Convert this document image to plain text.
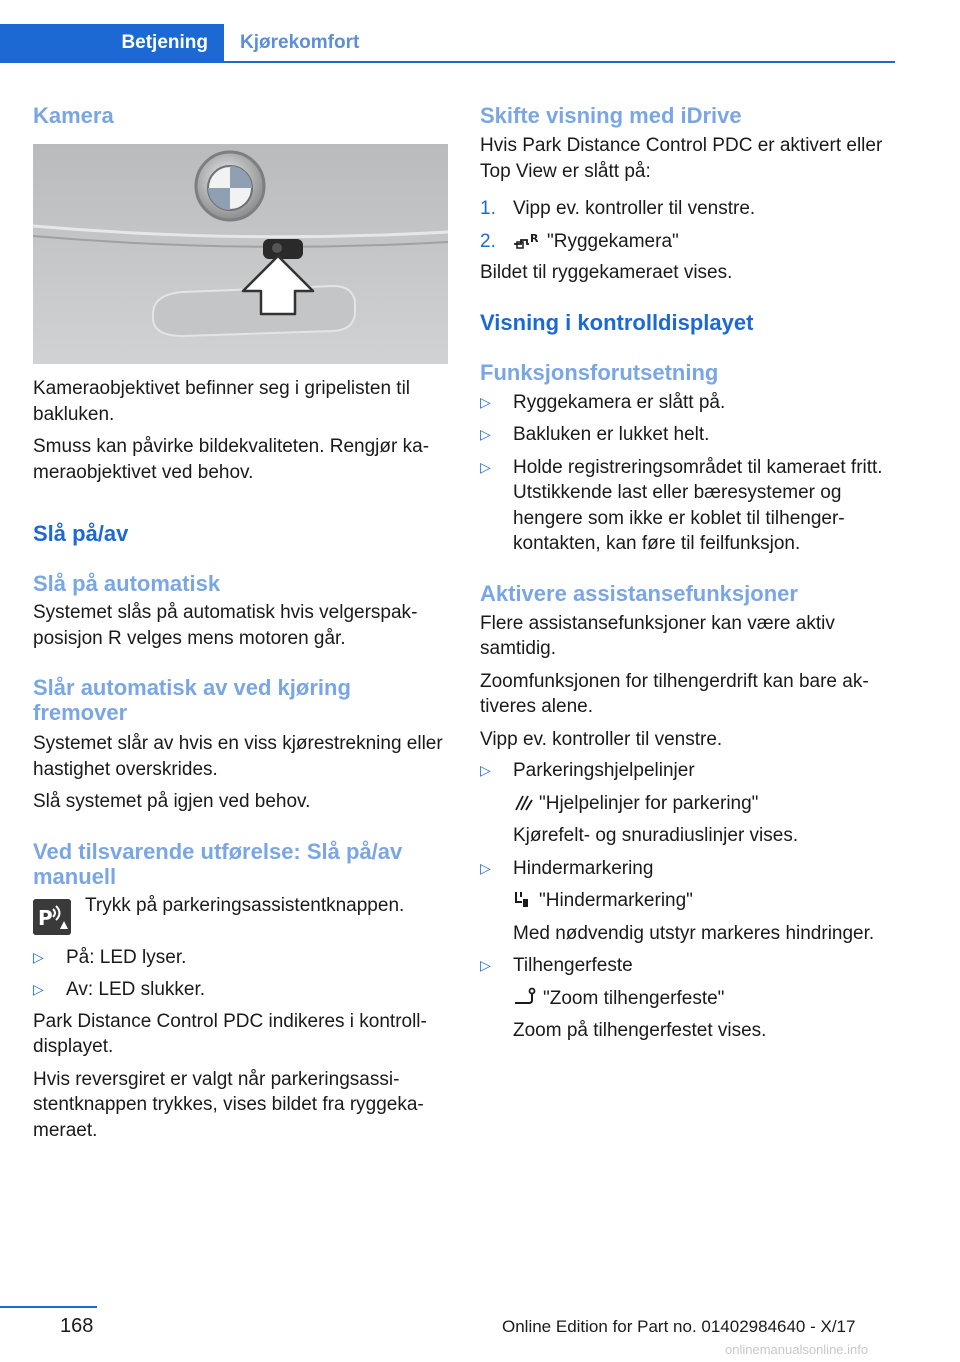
Betjening	Kjørekomfort
Kamera

Kameraobjektivet befinner seg i gripelisten til bakluken.

Smuss kan påvirke bildekvaliteten. Rengjør kameraobjektivet ved behov.

Slå på/av
Slå på automatisk

Systemet slås på automatisk hvis velgerspakposisjon R velges mens motoren går.

Slår automatisk av ved kjøring fremover

Systemet slår av hvis en viss kjørestrekning eller hastighet overskrides.

Slå systemet på igjen ved behov.

Ved tilsvarende utførelse: Slå på/av manuell
P

Trykk på parkeringsassistentknappen.

▷ På: LED lyser.
▷ Av: LED slukker.

Park Distance Control PDC indikeres i kontrolldisplayet.

Hvis reversgiret er valgt når parkeringsassistentknappen trykkes, vises bildet fra ryggekameraet.

Skifte visning med iDrive

Hvis Park Distance Control PDC er aktivert eller Top View er slått på:

1. Vipp ev. kontroller til venstre.
2.	R "Ryggekamera"

Bildet til ryggekameraet vises.

Visning i kontrolldisplayet
Funksjonsforutsetning
▷ Ryggekamera er slått på.
▷ Bakluken er lukket helt.
▷ Holde registreringsområdet til kameraet fritt. Utstikkende last eller bæresystemer og hengere som ikke er koblet til tilhengerkontakten, kan føre til feilfunksjon.
Aktivere assistansefunksjoner

Flere assistansefunksjoner kan være aktiv samtidig.

Zoomfunksjonen for tilhengerdrift kan bare aktiveres alene.

Vipp ev. kontroller til venstre.

▷ Parkeringshjelpelinjer
"Hjelpelinjer for parkering"
Kjørefelt- og snuradiuslinjer vises.
▷ Hindermarkering
"Hindermarkering"
Med nødvendig utstyr markeres hindringer.
▷ Tilhengerfeste
"Zoom tilhengerfeste"
Zoom på tilhengerfestet vises.
168	Online Edition for Part no. 01402984640 - X/17
onlinemanualsonline.info
